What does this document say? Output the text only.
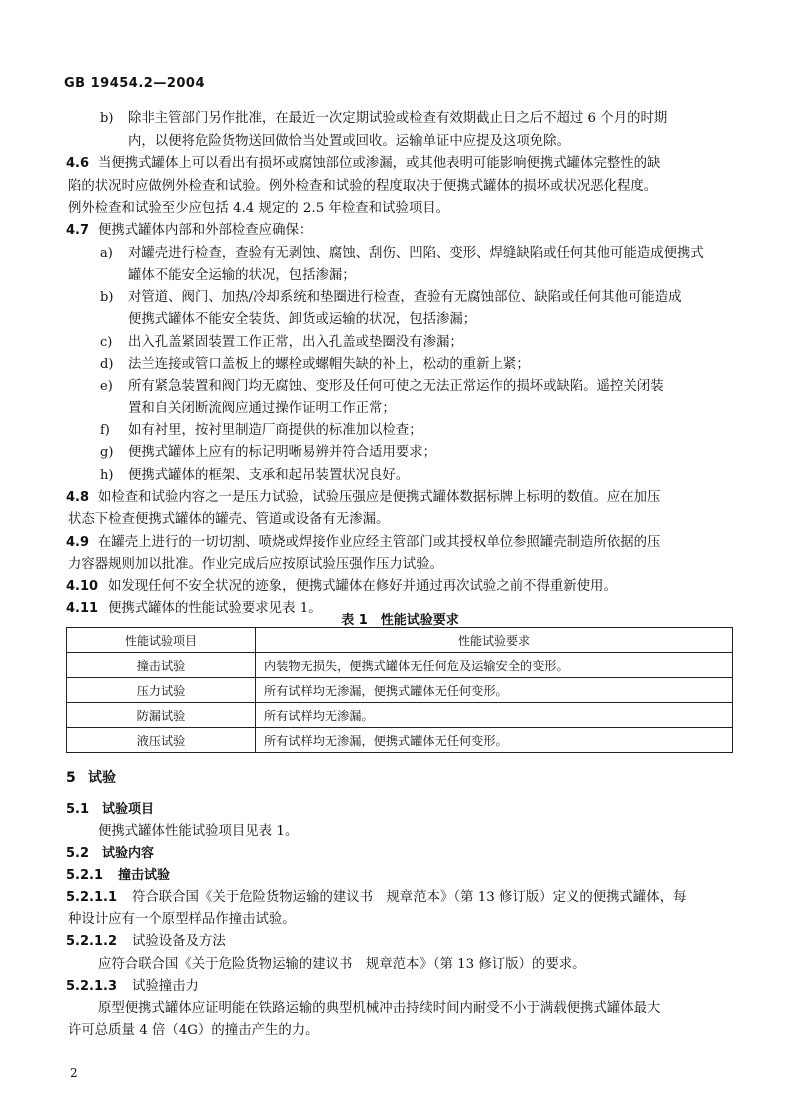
GB 19454.2—2004
b) 除非主管部门另作批准，在最近一次定期试验或检查有效期截止日之后不超过 6 个月的时期
内，以便将危险货物送回做恰当处置或回收。运输单证中应提及这项免除。
4.6 当便携式罐体上可以看出有损坏或腐蚀部位或渗漏，或其他表明可能影响便携式罐体完整性的缺
陷的状况时应做例外检查和试验。例外检查和试验的程度取决于便携式罐体的损坏或状况恶化程度。
例外检查和试验至少应包括 4.4 规定的 2.5 年检查和试验项目。
4.7 便携式罐体内部和外部检查应确保：
a) 对罐壳进行检查，查验有无剥蚀、腐蚀、刮伤、凹陷、变形、焊缝缺陷或任何其他可能造成便携式
罐体不能安全运输的状况，包括渗漏；
b) 对管道、阀门、加热/冷却系统和垫圈进行检查，查验有无腐蚀部位、缺陷或任何其他可能造成
便携式罐体不能安全装货、卸货或运输的状况，包括渗漏；
c) 出入孔盖紧固装置工作正常，出入孔盖或垫圈没有渗漏；
d) 法兰连接或管口盖板上的螺栓或螺帽失缺的补上，松动的重新上紧；
e) 所有紧急装置和阀门均无腐蚀、变形及任何可使之无法正常运作的损坏或缺陷。遥控关闭装
置和自关闭断流阀应通过操作证明工作正常；
f) 如有衬里，按衬里制造厂商提供的标准加以检查；
g) 便携式罐体上应有的标记明晰易辨并符合适用要求；
h) 便携式罐体的框架、支承和起吊装置状况良好。
4.8 如检查和试验内容之一是压力试验，试验压强应是便携式罐体数据标牌上标明的数值。应在加压
状态下检查便携式罐体的罐壳、管道或设备有无渗漏。
4.9 在罐壳上进行的一切切割、喷烧或焊接作业应经主管部门或其授权单位参照罐壳制造所依据的压
力容器规则加以批准。作业完成后应按原试验压强作压力试验。
4.10 如发现任何不安全状况的迹象，便携式罐体在修好并通过再次试验之前不得重新使用。
4.11 便携式罐体的性能试验要求见表 1。
表 1　性能试验要求
性能试验项目	性能试验要求
撞击试验	内装物无损失，便携式罐体无任何危及运输安全的变形。
压力试验	所有试样均无渗漏，便携式罐体无任何变形。
防漏试验	所有试样均无渗漏。
液压试验	所有试样均无渗漏，便携式罐体无任何变形。
5 试验
5.1 试验项目
便携式罐体性能试验项目见表 1。
5.2 试验内容
5.2.1 撞击试验
5.2.1.1 符合联合国《关于危险货物运输的建议书　规章范本》（第 13 修订版）定义的便携式罐体，每
种设计应有一个原型样品作撞击试验。
5.2.1.2 试验设备及方法
应符合联合国《关于危险货物运输的建议书　规章范本》（第 13 修订版）的要求。
5.2.1.3 试验撞击力
原型便携式罐体应证明能在铁路运输的典型机械冲击持续时间内耐受不小于满载便携式罐体最大
许可总质量 4 倍（4G）的撞击产生的力。
2
